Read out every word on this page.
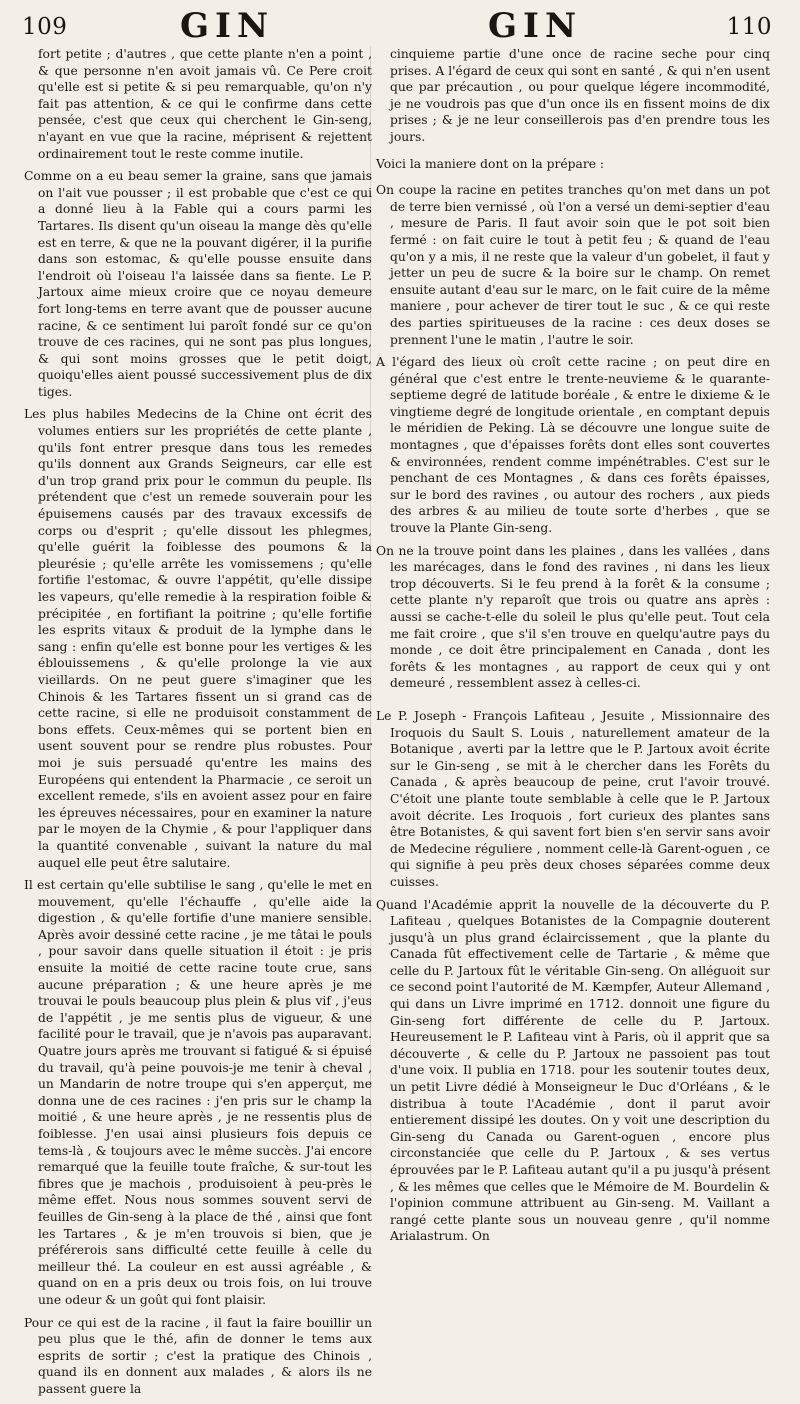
109	GIN	GIN	110

fort petite ; d'autres , que cette plante n'en a point , & que personne n'en avoit jamais vû. Ce Pere croit qu'elle est si petite & si peu remarquable, qu'on n'y fait pas attention, & ce qui le confirme dans cette pensée, c'est que ceux qui cherchent le Gin-seng, n'ayant en vue que la racine, méprisent & rejettent ordinairement tout le reste comme inutile.

Comme on a eu beau semer la graine, sans que jamais on l'ait vue pousser ; il est probable que c'est ce qui a donné lieu à la Fable qui a cours parmi les Tartares. Ils disent qu'un oiseau la mange dès qu'elle est en terre, & que ne la pouvant digérer, il la purifie dans son estomac, & qu'elle pousse ensuite dans l'endroit où l'oiseau l'a laissée dans sa fiente. Le P. Jartoux aime mieux croire que ce noyau demeure fort long-tems en terre avant que de pousser aucune racine, & ce sentiment lui paroît fondé sur ce qu'on trouve de ces racines, qui ne sont pas plus longues, & qui sont moins grosses que le petit doigt, quoiqu'elles aient poussé successivement plus de dix tiges.

Les plus habiles Medecins de la Chine ont écrit des volumes entiers sur les propriétés de cette plante , qu'ils font entrer presque dans tous les remedes qu'ils donnent aux Grands Seigneurs, car elle est d'un trop grand prix pour le commun du peuple. Ils prétendent que c'est un remede souverain pour les épuisemens causés par des travaux excessifs de corps ou d'esprit ; qu'elle dissout les phlegmes, qu'elle guérit la foiblesse des poumons & la pleurésie ; qu'elle arrête les vomissemens ; qu'elle fortifie l'estomac, & ouvre l'appétit, qu'elle dissipe les vapeurs, qu'elle remedie à la respiration foible & précipitée , en fortifiant la poitrine ; qu'elle fortifie les esprits vitaux & produit de la lymphe dans le sang : enfin qu'elle est bonne pour les vertiges & les éblouissemens , & qu'elle prolonge la vie aux vieillards. On ne peut guere s'imaginer que les Chinois & les Tartares fissent un si grand cas de cette racine, si elle ne produisoit constamment de bons effets. Ceux-mêmes qui se portent bien en usent souvent pour se rendre plus robustes. Pour moi je suis persuadé qu'entre les mains des Européens qui entendent la Pharmacie , ce seroit un excellent remede, s'ils en avoient assez pour en faire les épreuves nécessaires, pour en examiner la nature par le moyen de la Chymie , & pour l'appliquer dans la quantité convenable , suivant la nature du mal auquel elle peut être salutaire.

Il est certain qu'elle subtilise le sang , qu'elle le met en mouvement, qu'elle l'échauffe , qu'elle aide la digestion , & qu'elle fortifie d'une maniere sensible. Après avoir dessiné cette racine , je me tâtai le pouls , pour savoir dans quelle situation il étoit : je pris ensuite la moitié de cette racine toute crue, sans aucune préparation ; & une heure après je me trouvai le pouls beaucoup plus plein & plus vif , j'eus de l'appétit , je me sentis plus de vigueur, & une facilité pour le travail, que je n'avois pas auparavant. Quatre jours après me trouvant si fatigué & si épuisé du travail, qu'à peine pouvois-je me tenir à cheval , un Mandarin de notre troupe qui s'en apperçut, me donna une de ces racines : j'en pris sur le champ la moitié , & une heure après , je ne ressentis plus de foiblesse. J'en usai ainsi plusieurs fois depuis ce tems-là , & toujours avec le même succès. J'ai encore remarqué que la feuille toute fraîche, & sur-tout les fibres que je machois , produisoient à peu-près le même effet. Nous nous sommes souvent servi de feuilles de Gin-seng à la place de thé , ainsi que font les Tartares , & je m'en trouvois si bien, que je préférerois sans difficulté cette feuille à celle du meilleur thé. La couleur en est aussi agréable , & quand on en a pris deux ou trois fois, on lui trouve une odeur & un goût qui font plaisir.

Pour ce qui est de la racine , il faut la faire bouillir un peu plus que le thé, afin de donner le tems aux esprits de sortir ; c'est la pratique des Chinois , quand ils en donnent aux malades , & alors ils ne passent guere la

cinquieme partie d'une once de racine seche pour cinq prises. A l'égard de ceux qui sont en santé , & qui n'en usent que par précaution , ou pour quelque légere incommodité, je ne voudrois pas que d'un once ils en fissent moins de dix prises ; & je ne leur conseillerois pas d'en prendre tous les jours.

Voici la maniere dont on la prépare :

On coupe la racine en petites tranches qu'on met dans un pot de terre bien vernissé , où l'on a versé un demi-septier d'eau , mesure de Paris. Il faut avoir soin que le pot soit bien fermé : on fait cuire le tout à petit feu ; & quand de l'eau qu'on y a mis, il ne reste que la valeur d'un gobelet, il faut y jetter un peu de sucre & la boire sur le champ. On remet ensuite autant d'eau sur le marc, on le fait cuire de la même maniere , pour achever de tirer tout le suc , & ce qui reste des parties spiritueuses de la racine : ces deux doses se prennent l'une le matin , l'autre le soir.

A l'égard des lieux où croît cette racine ; on peut dire en général que c'est entre le trente-neuvieme & le quarante-septieme degré de latitude boréale , & entre le dixieme & le vingtieme degré de longitude orientale , en comptant depuis le méridien de Peking. Là se découvre une longue suite de montagnes , que d'épaisses forêts dont elles sont couvertes & environnées, rendent comme impénétrables. C'est sur le penchant de ces Montagnes , & dans ces forêts épaisses, sur le bord des ravines , ou autour des rochers , aux pieds des arbres & au milieu de toute sorte d'herbes , que se trouve la Plante Gin-seng.

On ne la trouve point dans les plaines , dans les vallées , dans les marécages, dans le fond des ravines , ni dans les lieux trop découverts. Si le feu prend à la forêt & la consume ; cette plante n'y reparoît que trois ou quatre ans après : aussi se cache-t-elle du soleil le plus qu'elle peut. Tout cela me fait croire , que s'il s'en trouve en quelqu'autre pays du monde , ce doit être principalement en Canada , dont les forêts & les montagnes , au rapport de ceux qui y ont demeuré , ressemblent assez à celles-ci.

Le P. Joseph - François Lafiteau , Jesuite , Missionnaire des Iroquois du Sault S. Louis , naturellement amateur de la Botanique , averti par la lettre que le P. Jartoux avoit écrite sur le Gin-seng , se mit à le chercher dans les Forêts du Canada , & après beaucoup de peine, crut l'avoir trouvé. C'étoit une plante toute semblable à celle que le P. Jartoux avoit décrite. Les Iroquois , fort curieux des plantes sans être Botanistes, & qui savent fort bien s'en servir sans avoir de Medecine réguliere , nomment celle-là Garent-oguen , ce qui signifie à peu près deux choses séparées comme deux cuisses.

Quand l'Académie apprit la nouvelle de la découverte du P. Lafiteau , quelques Botanistes de la Compagnie douterent jusqu'à un plus grand éclaircissement , que la plante du Canada fût effectivement celle de Tartarie , & même que celle du P. Jartoux fût le véritable Gin-seng. On alléguoit sur ce second point l'autorité de M. Kæmpfer, Auteur Allemand , qui dans un Livre imprimé en 1712. donnoit une figure du Gin-seng fort différente de celle du P. Jartoux. Heureusement le P. Lafiteau vint à Paris, où il apprit que sa découverte , & celle du P. Jartoux ne passoient pas tout d'une voix. Il publia en 1718. pour les soutenir toutes deux, un petit Livre dédié à Monseigneur le Duc d'Orléans , & le distribua à toute l'Académie , dont il parut avoir entierement dissipé les doutes. On y voit une description du Gin-seng du Canada ou Garent-oguen , encore plus circonstanciée que celle du P. Jartoux , & ses vertus éprouvées par le P. Lafiteau autant qu'il a pu jusqu'à présent , & les mêmes que celles que le Mémoire de M. Bourdelin & l'opinion commune attribuent au Gin-seng. M. Vaillant a rangé cette plante sous un nouveau genre , qu'il nomme Arialastrum. On
